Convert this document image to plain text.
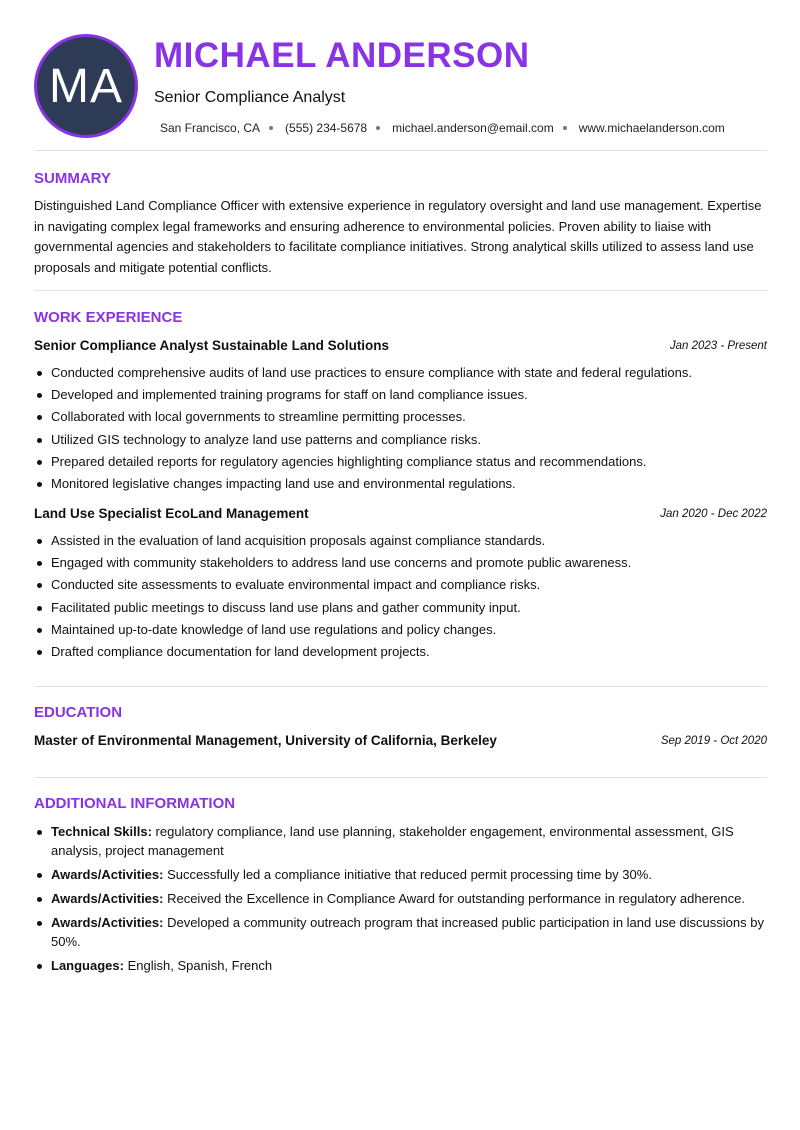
MA
MICHAEL ANDERSON
Senior Compliance Analyst
San Francisco, CA (555) 234-5678 michael.anderson@email.com www.michaelanderson.com
SUMMARY
Distinguished Land Compliance Officer with extensive experience in regulatory oversight and land use management. Expertise in navigating complex legal frameworks and ensuring adherence to environmental policies. Proven ability to liaise with governmental agencies and stakeholders to facilitate compliance initiatives. Strong analytical skills utilized to assess land use proposals and mitigate potential conflicts.
WORK EXPERIENCE
Senior Compliance Analyst Sustainable Land Solutions	Jan 2023 - Present
Conducted comprehensive audits of land use practices to ensure compliance with state and federal regulations.
Developed and implemented training programs for staff on land compliance issues.
Collaborated with local governments to streamline permitting processes.
Utilized GIS technology to analyze land use patterns and compliance risks.
Prepared detailed reports for regulatory agencies highlighting compliance status and recommendations.
Monitored legislative changes impacting land use and environmental regulations.
Land Use Specialist EcoLand Management	Jan 2020 - Dec 2022
Assisted in the evaluation of land acquisition proposals against compliance standards.
Engaged with community stakeholders to address land use concerns and promote public awareness.
Conducted site assessments to evaluate environmental impact and compliance risks.
Facilitated public meetings to discuss land use plans and gather community input.
Maintained up-to-date knowledge of land use regulations and policy changes.
Drafted compliance documentation for land development projects.
EDUCATION
Master of Environmental Management, University of California, Berkeley	Sep 2019 - Oct 2020
ADDITIONAL INFORMATION
Technical Skills: regulatory compliance, land use planning, stakeholder engagement, environmental assessment, GIS analysis, project management
Awards/Activities: Successfully led a compliance initiative that reduced permit processing time by 30%.
Awards/Activities: Received the Excellence in Compliance Award for outstanding performance in regulatory adherence.
Awards/Activities: Developed a community outreach program that increased public participation in land use discussions by 50%.
Languages: English, Spanish, French
